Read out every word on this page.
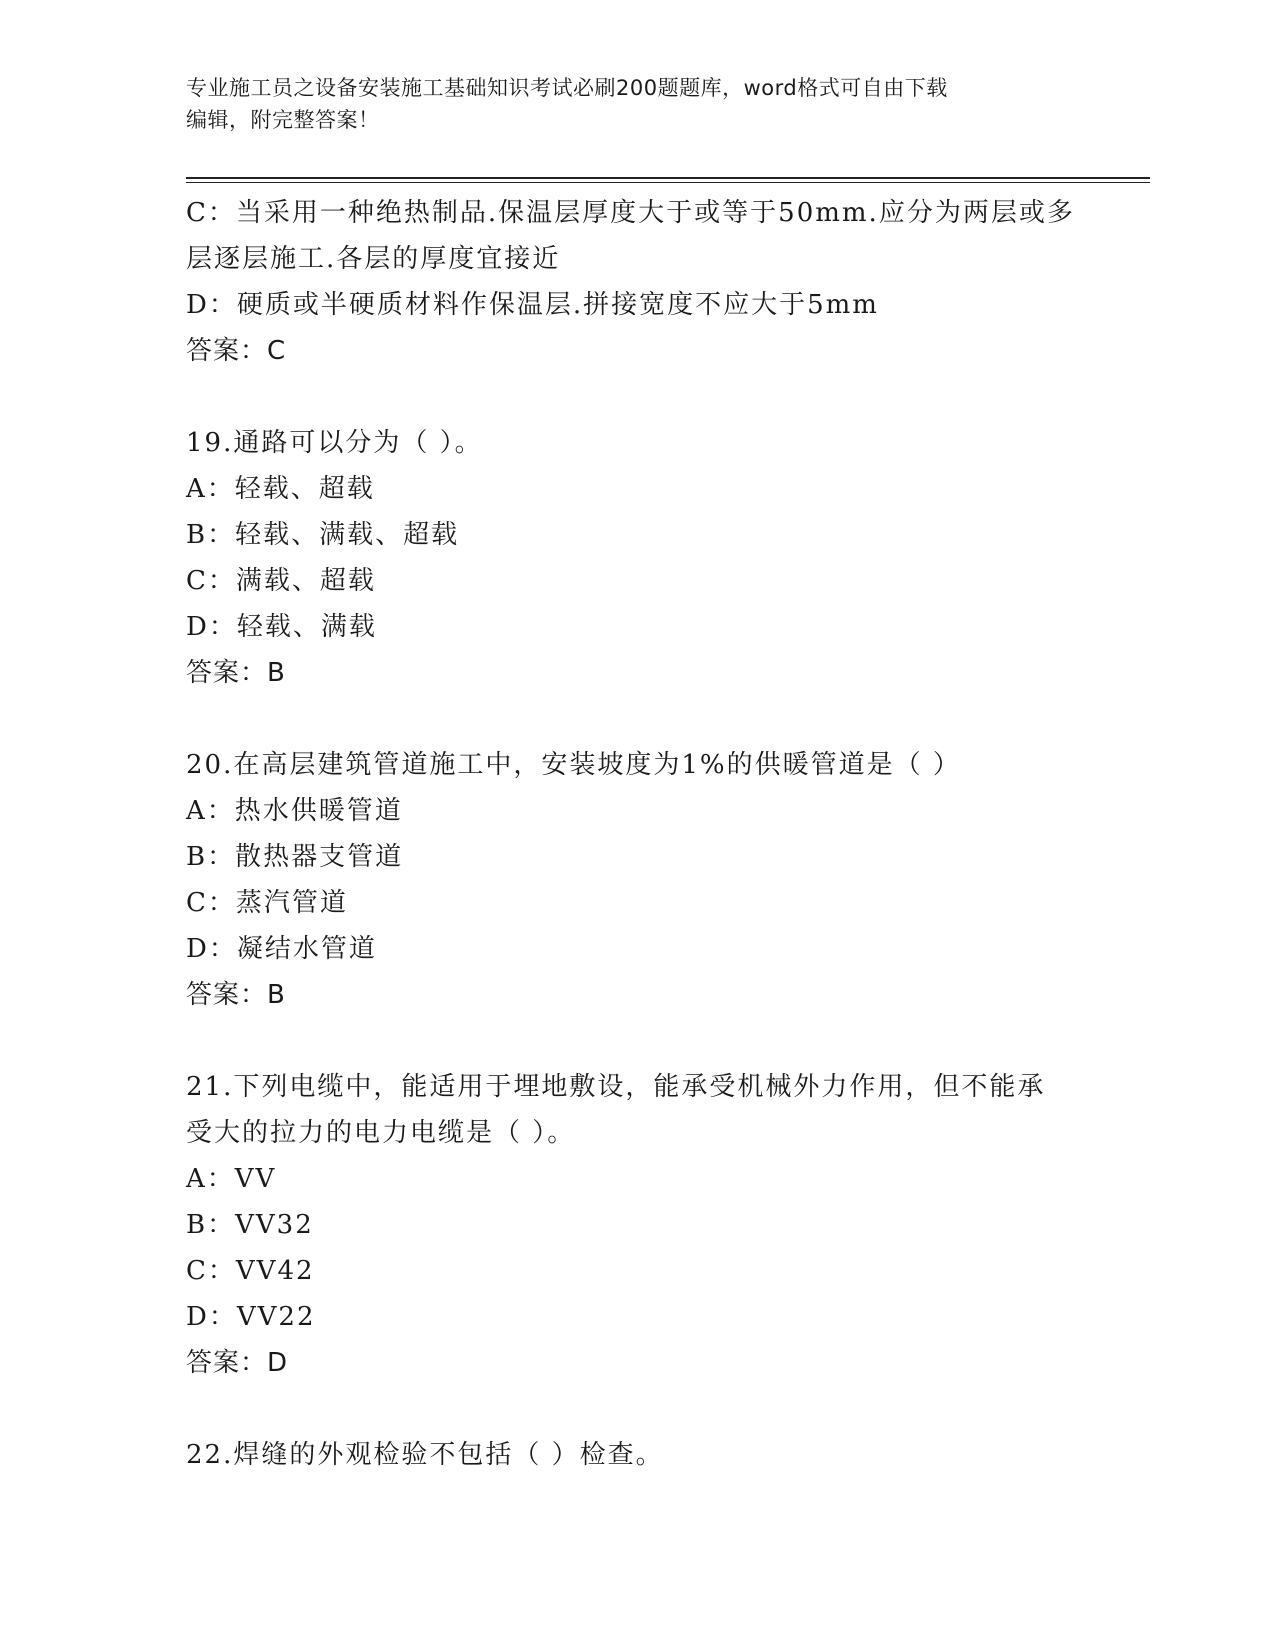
专业施工员之设备安装施工基础知识考试必刷200题题库，word格式可自由下载
编辑，附完整答案！
C：当采用一种绝热制品.保温层厚度大于或等于50mm.应分为两层或多
层逐层施工.各层的厚度宜接近
D：硬质或半硬质材料作保温层.拼接宽度不应大于5mm
答案：C
19.通路可以分为（ ）。
A：轻载、超载
B：轻载、满载、超载
C：满载、超载
D：轻载、满载
答案：B
20.在高层建筑管道施工中，安装坡度为1%的供暖管道是（ ）
A：热水供暖管道
B：散热器支管道
C：蒸汽管道
D：凝结水管道
答案：B
21.下列电缆中，能适用于埋地敷设，能承受机械外力作用，但不能承
受大的拉力的电力电缆是（ ）。
A：VV
B：VV32
C：VV42
D：VV22
答案：D
22.焊缝的外观检验不包括（ ）检查。
